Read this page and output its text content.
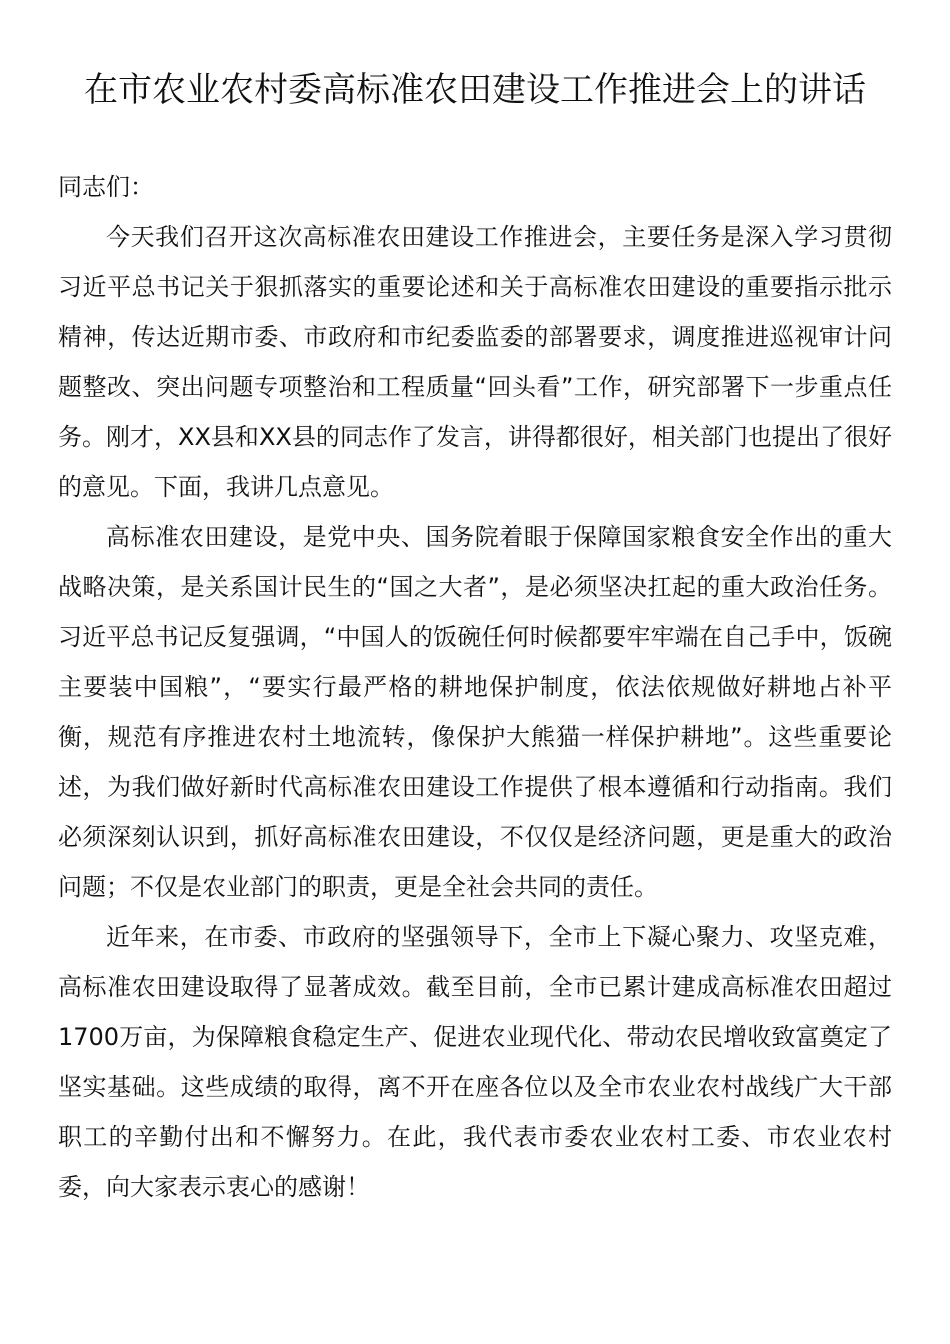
在市农业农村委高标准农田建设工作推进会上的讲话

同志们：

今天我们召开这次高标准农田建设工作推进会，主要任务是深入学习贯彻习近平总书记关于狠抓落实的重要论述和关于高标准农田建设的重要指示批示精神，传达近期市委、市政府和市纪委监委的部署要求，调度推进巡视审计问题整改、突出问题专项整治和工程质量“回头看”工作，研究部署下一步重点任务。刚才，XX县和XX县的同志作了发言，讲得都很好，相关部门也提出了很好的意见。下面，我讲几点意见。

高标准农田建设，是党中央、国务院着眼于保障国家粮食安全作出的重大战略决策，是关系国计民生的“国之大者”，是必须坚决扛起的重大政治任务。习近平总书记反复强调，“中国人的饭碗任何时候都要牢牢端在自己手中，饭碗主要装中国粮”，“要实行最严格的耕地保护制度，依法依规做好耕地占补平衡，规范有序推进农村土地流转，像保护大熊猫一样保护耕地”。这些重要论述，为我们做好新时代高标准农田建设工作提供了根本遵循和行动指南。我们必须深刻认识到，抓好高标准农田建设，不仅仅是经济问题，更是重大的政治问题；不仅是农业部门的职责，更是全社会共同的责任。

近年来，在市委、市政府的坚强领导下，全市上下凝心聚力、攻坚克难，高标准农田建设取得了显著成效。截至目前，全市已累计建成高标准农田超过1700万亩，为保障粮食稳定生产、促进农业现代化、带动农民增收致富奠定了坚实基础。这些成绩的取得，离不开在座各位以及全市农业农村战线广大干部职工的辛勤付出和不懈努力。在此，我代表市委农业农村工委、市农业农村委，向大家表示衷心的感谢！
